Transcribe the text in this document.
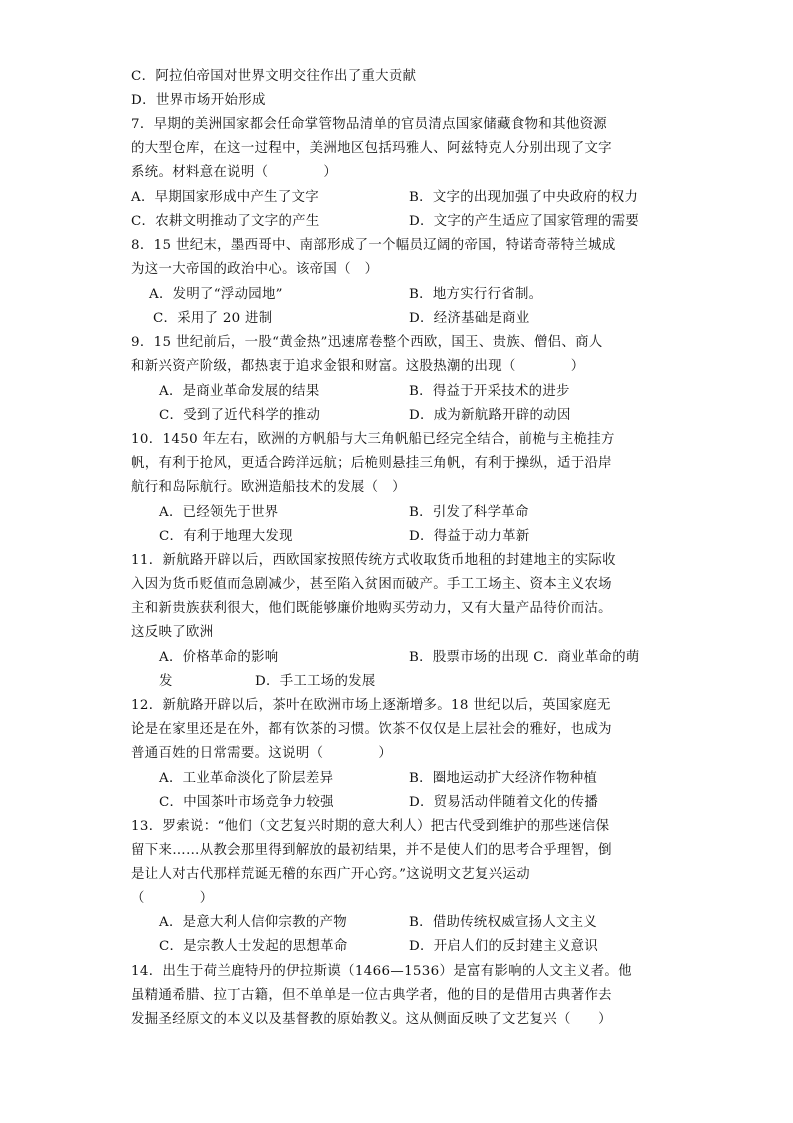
C．阿拉伯帝国对世界文明交往作出了重大贡献
D．世界市场开始形成
7．早期的美洲国家都会任命掌管物品清单的官员清点国家储藏食物和其他资源
的大型仓库，在这一过程中，美洲地区包括玛雅人、阿兹特克人分别出现了文字
系统。材料意在说明（　　　　）
A．早期国家形成中产生了文字	B．文字的出现加强了中央政府的权力
C．农耕文明推动了文字的产生	D．文字的产生适应了国家管理的需要
8．15 世纪末，墨西哥中、南部形成了一个幅员辽阔的帝国，特诺奇蒂特兰城成
为这一大帝国的政治中心。该帝国（　）
A．发明了“浮动园地”	B．地方实行行省制。
C．采用了 20 进制	D．经济基础是商业
9．15 世纪前后，一股“黄金热”迅速席卷整个西欧，国王、贵族、僧侣、商人
和新兴资产阶级，都热衷于追求金银和财富。这股热潮的出现（　　　　）
A．是商业革命发展的结果	B．得益于开采技术的进步
C．受到了近代科学的推动	D．成为新航路开辟的动因
10．1450 年左右，欧洲的方帆船与大三角帆船已经完全结合，前桅与主桅挂方
帆，有利于抢风，更适合跨洋远航；后桅则悬挂三角帆，有利于操纵，适于沿岸
航行和岛际航行。欧洲造船技术的发展（　）
A．已经领先于世界	B．引发了科学革命
C．有利于地理大发现	D．得益于动力革新
11．新航路开辟以后，西欧国家按照传统方式收取货币地租的封建地主的实际收
入因为货币贬值而急剧减少，甚至陷入贫困而破产。手工工场主、资本主义农场
主和新贵族获利很大，他们既能够廉价地购买劳动力，又有大量产品待价而沽。
这反映了欧洲
A．价格革命的影响	B．股票市场的出现 C．商业革命的萌
发	D．手工工场的发展
12．新航路开辟以后，茶叶在欧洲市场上逐渐增多。18 世纪以后，英国家庭无
论是在家里还是在外，都有饮茶的习惯。饮茶不仅仅是上层社会的雅好，也成为
普通百姓的日常需要。这说明（　　　　）
A．工业革命淡化了阶层差异	B．圈地运动扩大经济作物种植
C．中国茶叶市场竞争力较强	D．贸易活动伴随着文化的传播
13．罗索说：“他们（文艺复兴时期的意大利人）把古代受到维护的那些迷信保
留下来……从教会那里得到解放的最初结果，并不是使人们的思考合乎理智，倒
是让人对古代那样荒诞无稽的东西广开心窍。”这说明文艺复兴运动
（　　　　）
A．是意大利人信仰宗教的产物	B．借助传统权威宣扬人文主义
C．是宗教人士发起的思想革命	D．开启人们的反封建主义意识
14．出生于荷兰鹿特丹的伊拉斯谟（1466—1536）是富有影响的人文主义者。他
虽精通希腊、拉丁古籍，但不单单是一位古典学者，他的目的是借用古典著作去
发掘圣经原文的本义以及基督教的原始教义。这从侧面反映了文艺复兴（　　）
